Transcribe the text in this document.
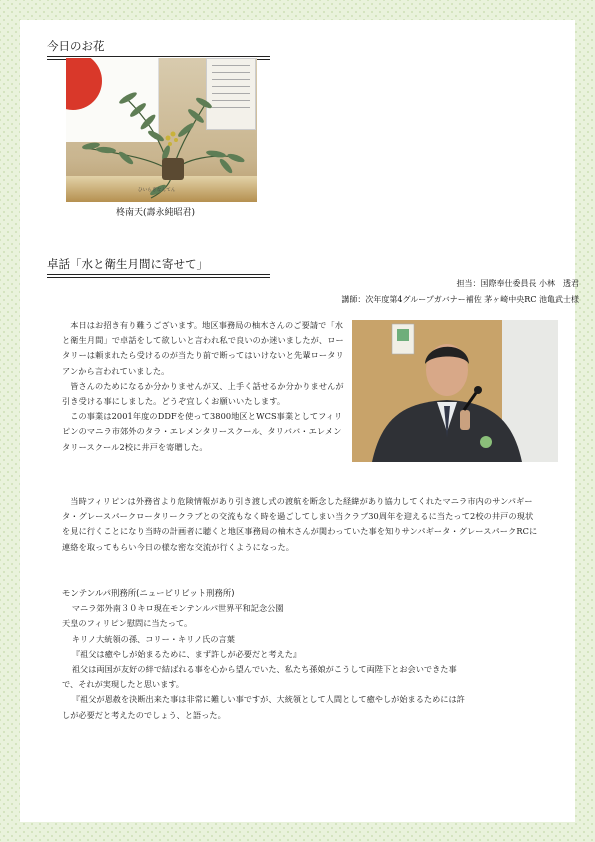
今日のお花
ひいらぎなんてん
柊南天(壽永純昭君)
卓話「水と衛生月間に寄せて」
担当：国際奉仕委員長 小林　透君
講師：次年度第4グループガバナー補佐 茅ヶ崎中央RC 池亀武士様

本日はお招き有り難うございます。地区事務局の柚木さんのご要請で「水と衛生月間」で卓話をして欲しいと言われ私で良いのか迷いましたが、ロータリーは頼まれたら受けるのが当たり前で断ってはいけないと先輩ロータリアンから言われていました。

皆さんのためになるか分かりませんが又、上手く話せるか分かりませんが引き受ける事にしました。どうぞ宜しくお願いいたします。

この事業は2001年度のDDFを使って3800地区とWCS事業としてフィリピンのマニラ市郊外のタラ・エレメンタリースクール、タリババ・エレメンタリースクール2校に井戸を寄贈した。

当時フィリピンは外務省より危険情報があり引き渡し式の渡航を断念した経緯があり協力してくれたマニラ市内のサンパギータ・グレースパークロータリークラブとの交流もなく時を過ごしてしまい当クラブ30周年を迎えるに当たって2校の井戸の現状を見に行くことになり当時の計画者に聴くと地区事務局の柚木さんが関わっていた事を知りサンパギータ・グレースパークRCに連絡を取ってもらい今日の様な密な交流が行くようになった。

モンテンルパ刑務所(ニュービリビット刑務所)

マニラ郊外南３０キロ現在モンテンルパ世界平和記念公園

天皇のフィリピン慰問に当たって。

キリノ大統領の孫、コリー・キリノ氏の言葉

『祖父は癒やしが始まるために、まず許しが必要だと考えた』

祖父は両国が友好の絆で結ばれる事を心から望んでいた、私たち孫娘がこうして両陛下とお会いできた事

で、それが実現したと思います。

『祖父が恩赦を決断出来た事は非常に難しい事ですが、大統領として人間として癒やしが始まるためには許

しが必要だと考えたのでしょう、と語った。
